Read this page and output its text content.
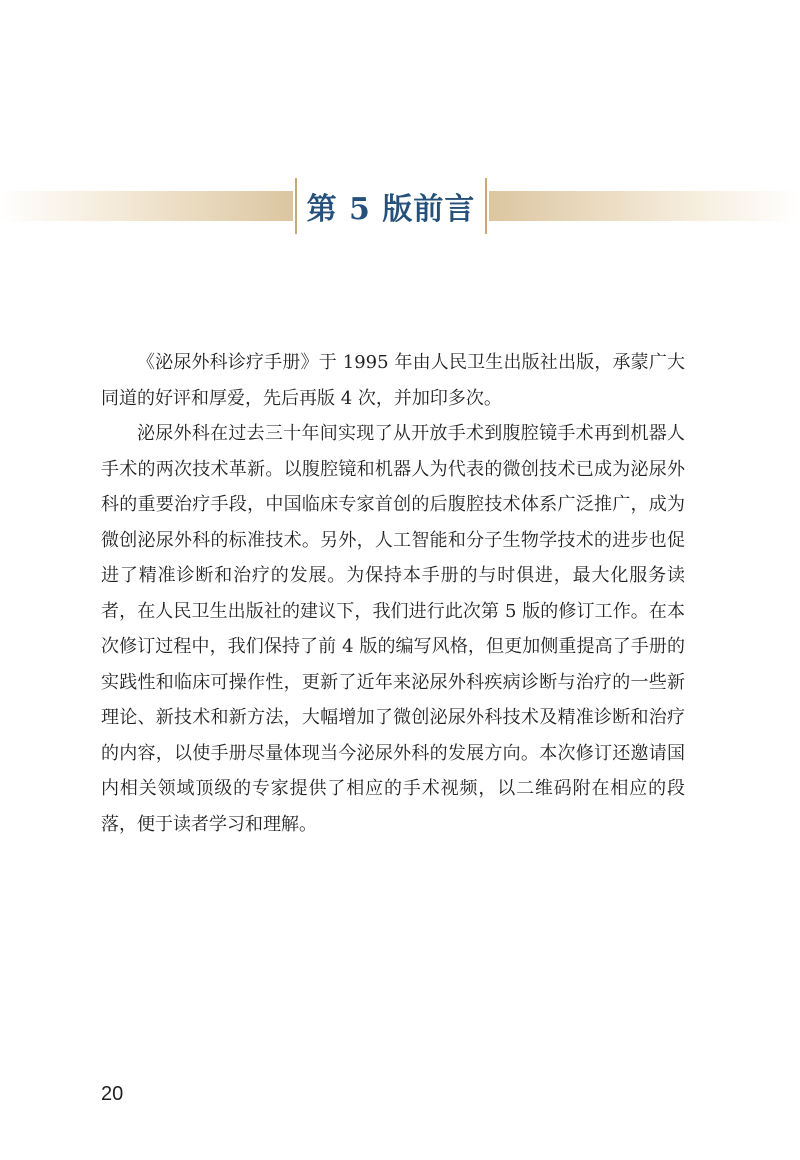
第 5 版前言

《泌尿外科诊疗手册》于 1995 年由人民卫生出版社出版，承蒙广大同道的好评和厚爱，先后再版 4 次，并加印多次。

泌尿外科在过去三十年间实现了从开放手术到腹腔镜手术再到机器人手术的两次技术革新。以腹腔镜和机器人为代表的微创技术已成为泌尿外科的重要治疗手段，中国临床专家首创的后腹腔技术体系广泛推广，成为微创泌尿外科的标准技术。另外，人工智能和分子生物学技术的进步也促进了精准诊断和治疗的发展。为保持本手册的与时俱进，最大化服务读者，在人民卫生出版社的建议下，我们进行此次第 5 版的修订工作。在本次修订过程中，我们保持了前 4 版的编写风格，但更加侧重提高了手册的实践性和临床可操作性，更新了近年来泌尿外科疾病诊断与治疗的一些新理论、新技术和新方法，大幅增加了微创泌尿外科技术及精准诊断和治疗的内容，以使手册尽量体现当今泌尿外科的发展方向。本次修订还邀请国内相关领域顶级的专家提供了相应的手术视频，以二维码附在相应的段落，便于读者学习和理解。

20
